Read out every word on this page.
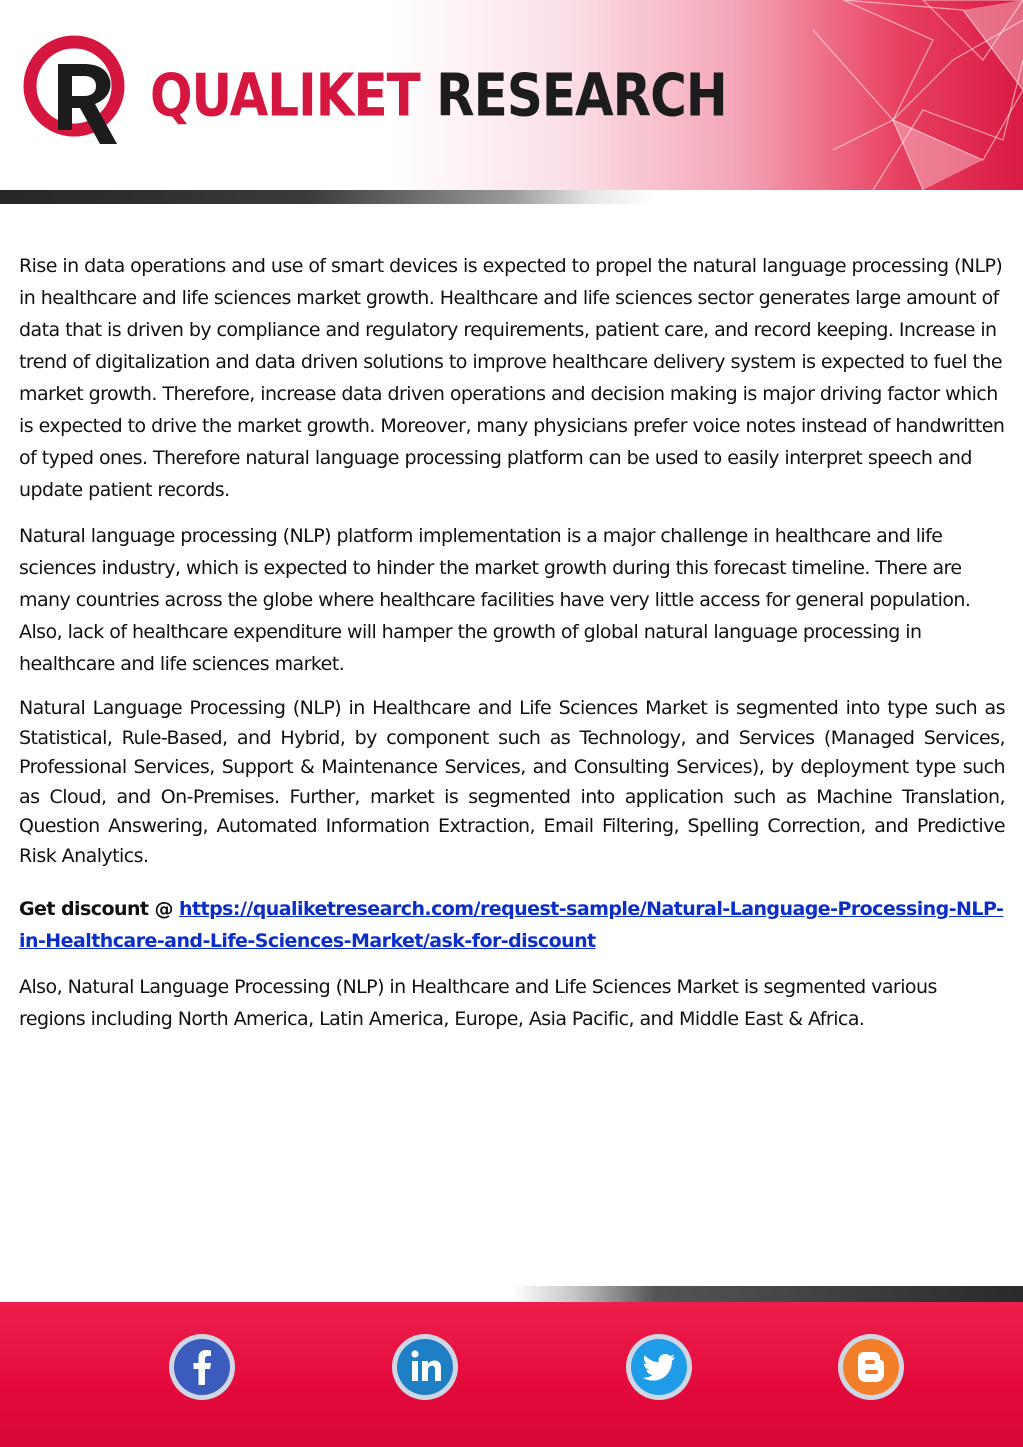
QUALIKET RESEARCH

Rise in data operations and use of smart devices is expected to propel the natural language processing (NLP) in healthcare and life sciences market growth. Healthcare and life sciences sector generates large amount of data that is driven by compliance and regulatory requirements, patient care, and record keeping. Increase in trend of digitalization and data driven solutions to improve healthcare delivery system is expected to fuel the market growth. Therefore, increase data driven operations and decision making is major driving factor which is expected to drive the market growth. Moreover, many physicians prefer voice notes instead of handwritten of typed ones. Therefore natural language processing platform can be used to easily interpret speech and update patient records.

Natural language processing (NLP) platform implementation is a major challenge in healthcare and life sciences industry, which is expected to hinder the market growth during this forecast timeline. There are many countries across the globe where healthcare facilities have very little access for general population. Also, lack of healthcare expenditure will hamper the growth of global natural language processing in healthcare and life sciences market.

Natural Language Processing (NLP) in Healthcare and Life Sciences Market is segmented into type such as Statistical, Rule-Based, and Hybrid, by component such as Technology, and Services (Managed Services, Professional Services, Support & Maintenance Services, and Consulting Services), by deployment type such as Cloud, and On-Premises. Further, market is segmented into application such as Machine Translation, Question Answering, Automated Information Extraction, Email Filtering, Spelling Correction, and Predictive Risk Analytics.

Get discount @ https://qualiketresearch.com/request-sample/Natural-Language-Processing-NLP-in-Healthcare-and-Life-Sciences-Market/ask-for-discount

Also, Natural Language Processing (NLP) in Healthcare and Life Sciences Market is segmented various regions including North America, Latin America, Europe, Asia Pacific, and Middle East & Africa.
